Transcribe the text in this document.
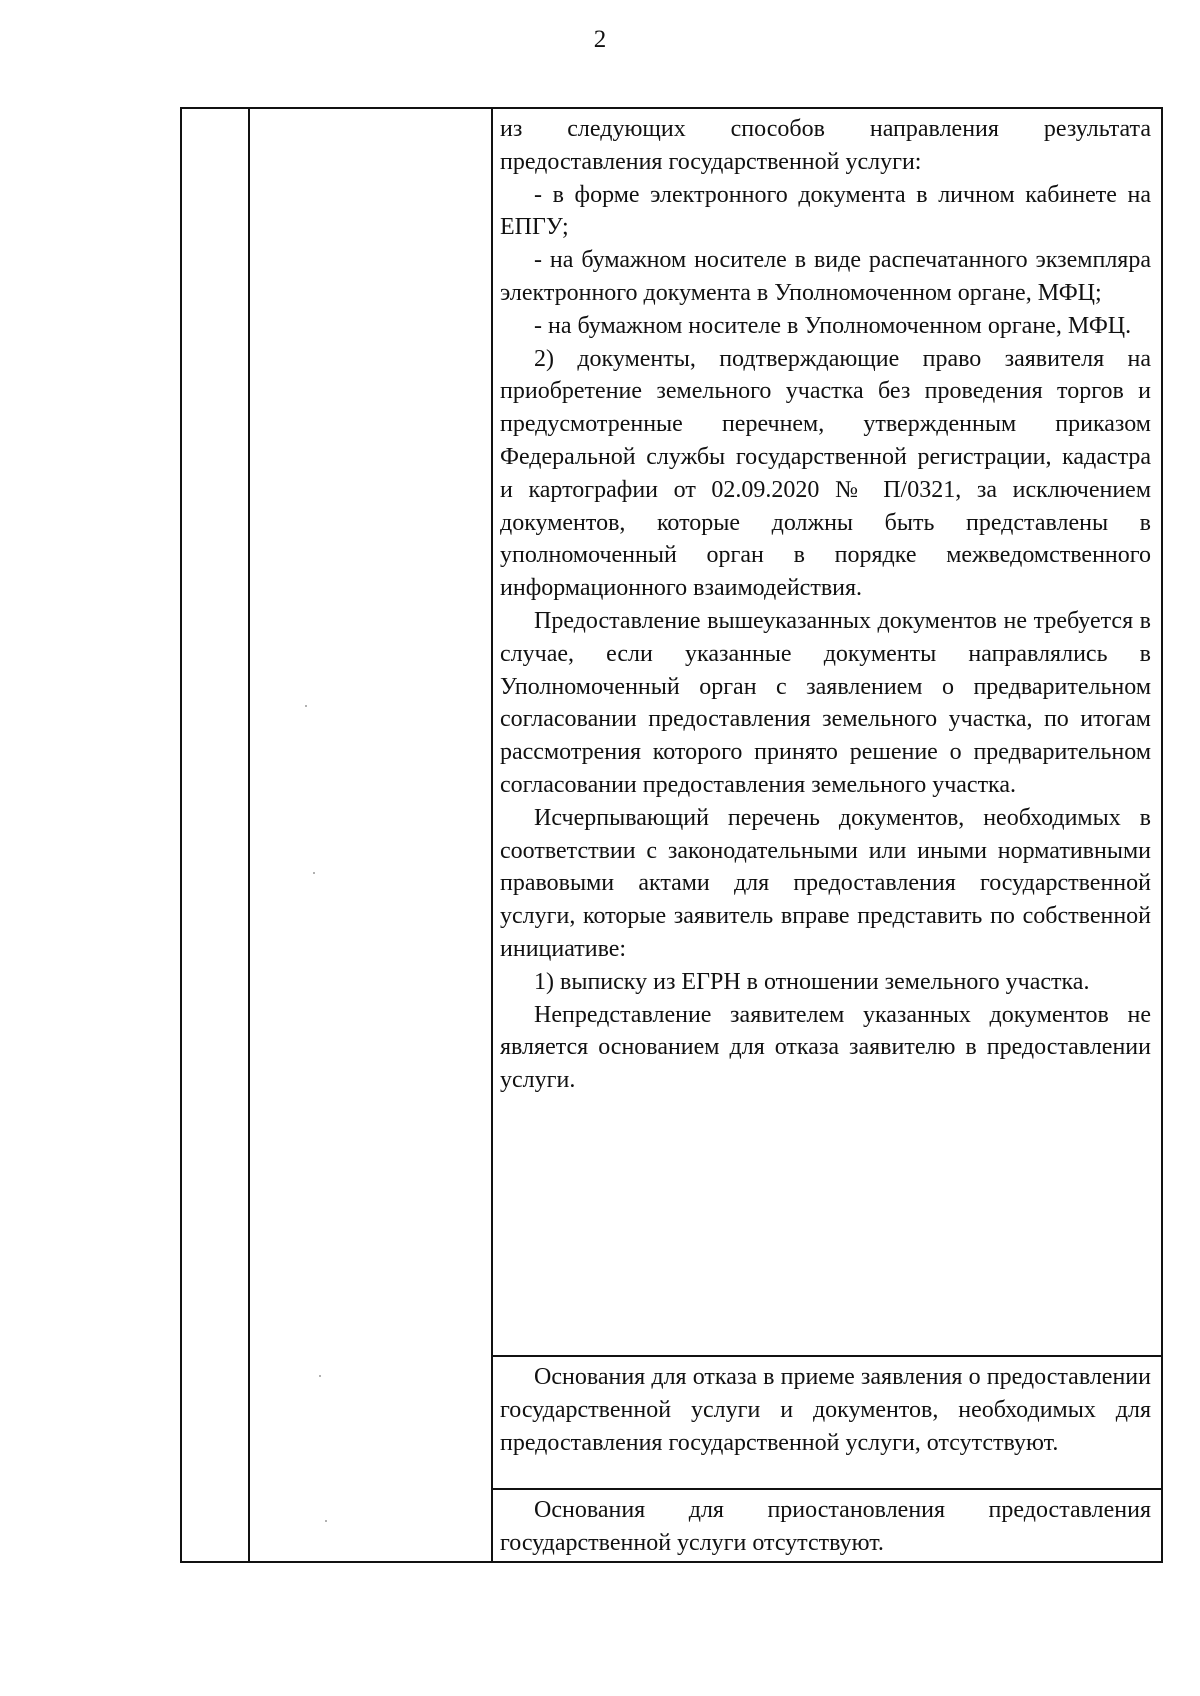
2

из следующих способов направления результата предоставления государственной услуги:

- в форме электронного документа в личном кабинете на ЕПГУ;

- на бумажном носителе в виде распечатанного экземпляра электронного документа в Уполномоченном органе, МФЦ;

- на бумажном носителе в Уполномоченном органе, МФЦ.

2) документы, подтверждающие право заявителя на приобретение земельного участка без проведения торгов и предусмотренные перечнем, утвержденным приказом Федеральной службы государственной регистрации, кадастра и картографии от 02.09.2020 № П/0321, за исключением документов, которые должны быть представлены в уполномоченный орган в порядке межведомственного информационного взаимодействия.

Предоставление вышеуказанных документов не требуется в случае, если указанные документы направлялись в Уполномоченный орган с заявлением о предварительном согласовании предоставления земельного участка, по итогам рассмотрения которого принято решение о предварительном согласовании предоставления земельного участка.

Исчерпывающий перечень документов, необходимых в соответствии с законодательными или иными нормативными правовыми актами для предоставления государственной услуги, которые заявитель вправе представить по собственной инициативе:

1) выписку из ЕГРН в отношении земельного участка.

Непредставление заявителем указанных документов не является основанием для отказа заявителю в предоставлении услуги.

Основания для отказа в приеме заявления о предоставлении государственной услуги и документов, необходимых для предоставления государственной услуги, отсутствуют.

Основания для приостановления предоставления государственной услуги отсутствуют.
